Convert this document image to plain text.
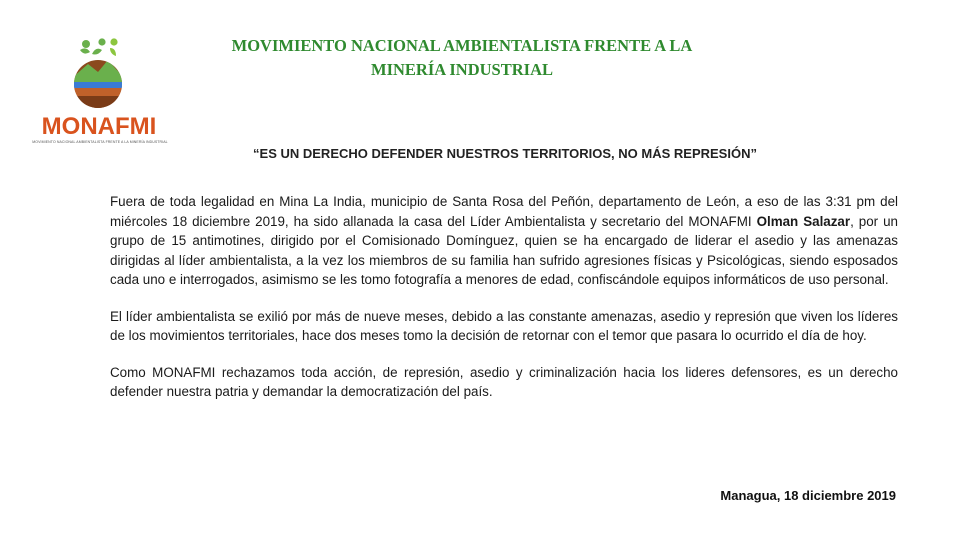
MONAFMI
MOVIMIENTO NACIONAL AMBIENTALISTA FRENTE A LA MINERÍA INDUSTRIAL
MOVIMIENTO NACIONAL AMBIENTALISTA FRENTE A LA
MINERÍA INDUSTRIAL
“ES UN DERECHO DEFENDER NUESTROS TERRITORIOS, NO MÁS REPRESIÓN”

Fuera de toda legalidad en Mina La India, municipio de Santa Rosa del Peñón, departamento de León, a eso de las 3:31 pm del miércoles 18 diciembre 2019, ha sido allanada la casa del Líder Ambientalista y secretario del MONAFMI Olman Salazar, por un grupo de 15 antimotines, dirigido por el Comisionado Domínguez, quien se ha encargado de liderar el asedio y las amenazas dirigidas al líder ambientalista, a la vez los miembros de su familia han sufrido agresiones físicas y Psicológicas, siendo esposados cada uno e interrogados, asimismo se les tomo fotografía a menores de edad, confiscándole equipos informáticos de uso personal.

El líder ambientalista se exilió por más de nueve meses, debido a las constante amenazas, asedio y represión que viven los líderes de los movimientos territoriales, hace dos meses tomo la decisión de retornar con el temor que pasara lo ocurrido el día de hoy.

Como MONAFMI rechazamos toda acción, de represión, asedio y criminalización hacia los lideres defensores, es un derecho defender nuestra patria y demandar la democratización del país.

Managua, 18 diciembre 2019
